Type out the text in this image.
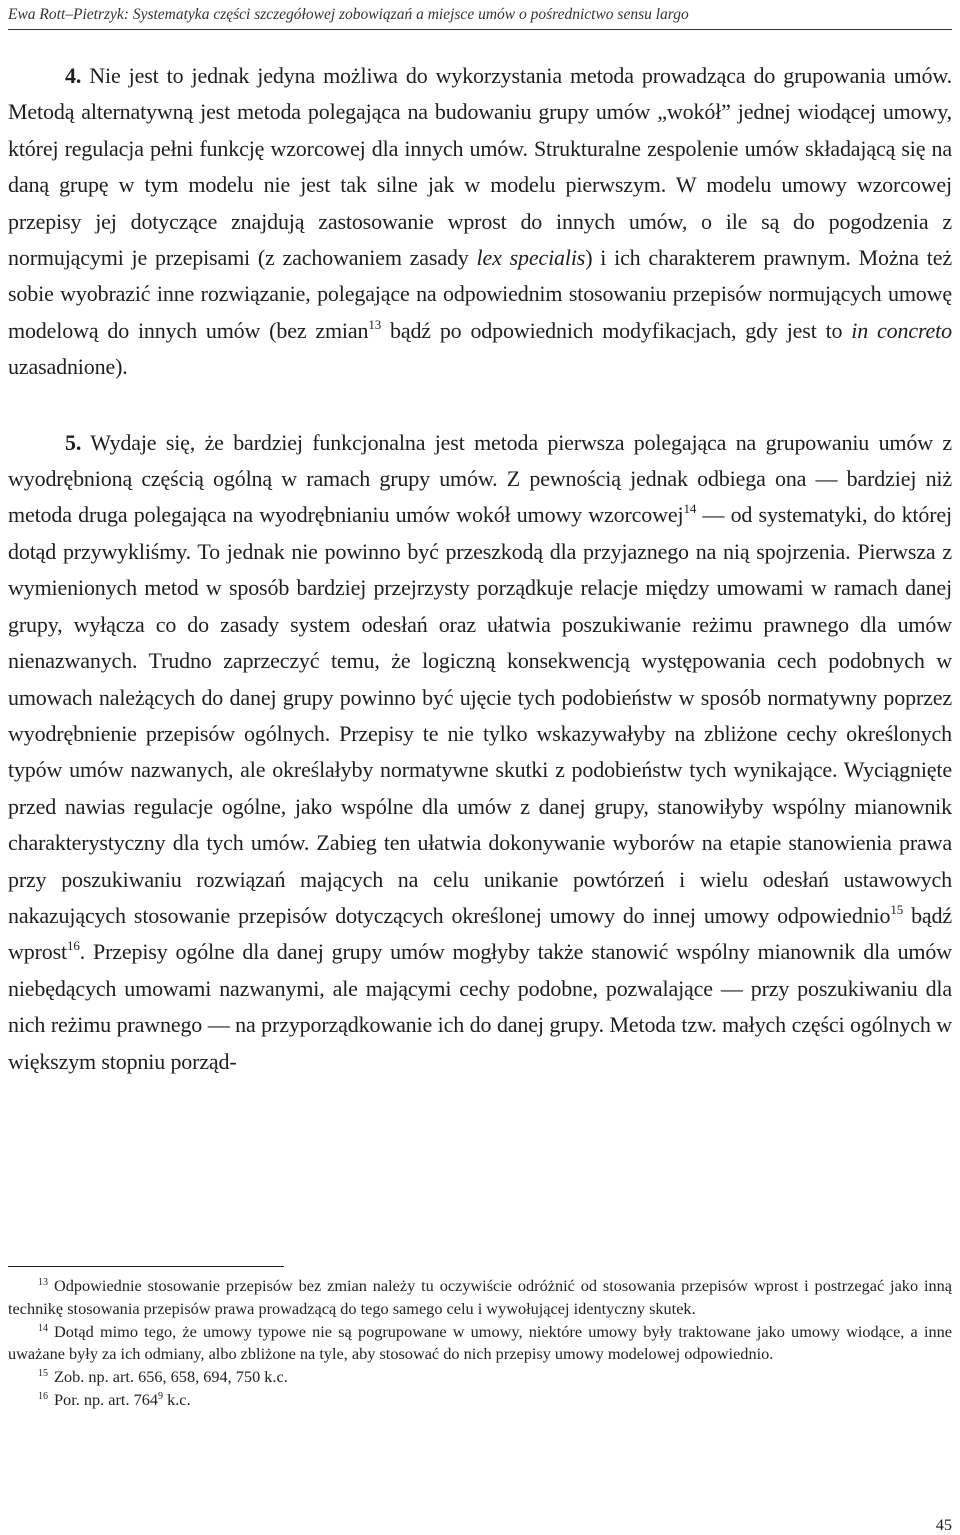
Ewa Rott–Pietrzyk: Systematyka części szczegółowej zobowiązań a miejsce umów o pośrednictwo sensu largo

4. Nie jest to jednak jedyna możliwa do wykorzystania metoda prowadząca do grupowania umów. Metodą alternatywną jest metoda polegająca na budowaniu grupy umów „wokół” jednej wiodącej umowy, której regulacja pełni funkcję wzorcowej dla innych umów. Strukturalne zespolenie umów składającą się na daną grupę w tym modelu nie jest tak silne jak w modelu pierwszym. W modelu umowy wzorcowej przepisy jej dotyczące znajdują zastosowanie wprost do innych umów, o ile są do pogodzenia z normującymi je przepisami (z zachowaniem zasady lex specialis) i ich charakterem prawnym. Można też sobie wyobrazić inne rozwiązanie, polegające na odpowiednim stosowaniu przepisów normujących umowę modelową do innych umów (bez zmian$^{13}$ bądź po odpowiednich modyfikacjach, gdy jest to in concreto uzasadnione).

5. Wydaje się, że bardziej funkcjonalna jest metoda pierwsza polegająca na grupowaniu umów z wyodrębnioną częścią ogólną w ramach grupy umów. Z pewnością jednak odbiega ona — bardziej niż metoda druga polegająca na wyodrębnianiu umów wokół umowy wzorcowej$^{14}$ — od systematyki, do której dotąd przywykliśmy. To jednak nie powinno być przeszkodą dla przyjaznego na nią spojrzenia. Pierwsza z wymienionych metod w sposób bardziej przejrzysty porządkuje relacje między umowami w ramach danej grupy, wyłącza co do zasady system odesłań oraz ułatwia poszukiwanie reżimu prawnego dla umów nienazwanych. Trudno zaprzeczyć temu, że logiczną konsekwencją występowania cech podobnych w umowach należących do danej grupy powinno być ujęcie tych podobieństw w sposób normatywny poprzez wyodrębnienie przepisów ogólnych. Przepisy te nie tylko wskazywałyby na zbliżone cechy określonych typów umów nazwanych, ale określałyby normatywne skutki z podobieństw tych wynikające. Wyciągnięte przed nawias regulacje ogólne, jako wspólne dla umów z danej grupy, stanowiłyby wspólny mianownik charakterystyczny dla tych umów. Zabieg ten ułatwia dokonywanie wyborów na etapie stanowienia prawa przy poszukiwaniu rozwiązań mających na celu unikanie powtórzeń i wielu odesłań ustawowych nakazujących stosowanie przepisów dotyczących określonej umowy do innej umowy odpowiednio$^{15}$ bądź wprost$^{16}$. Przepisy ogólne dla danej grupy umów mogłyby także stanowić wspólny mianownik dla umów niebędących umowami nazwanymi, ale mającymi cechy podobne, pozwalające — przy poszukiwaniu dla nich reżimu prawnego — na przyporządkowanie ich do danej grupy. Metoda tzw. małych części ogólnych w większym stopniu porząd-

$^{13}$ Odpowiednie stosowanie przepisów bez zmian należy tu oczywiście odróżnić od stosowania przepisów wprost i postrzegać jako inną technikę stosowania przepisów prawa prowadzącą do tego samego celu i wywołującej identyczny skutek.

$^{14}$ Dotąd mimo tego, że umowy typowe nie są pogrupowane w umowy, niektóre umowy były traktowane jako umowy wiodące, a inne uważane były za ich odmiany, albo zbliżone na tyle, aby stosować do nich przepisy umowy modelowej odpowiednio.

$^{15}$ Zob. np. art. 656, 658, 694, 750 k.c.

$^{16}$ Por. np. art. $764^9$ k.c.

45
